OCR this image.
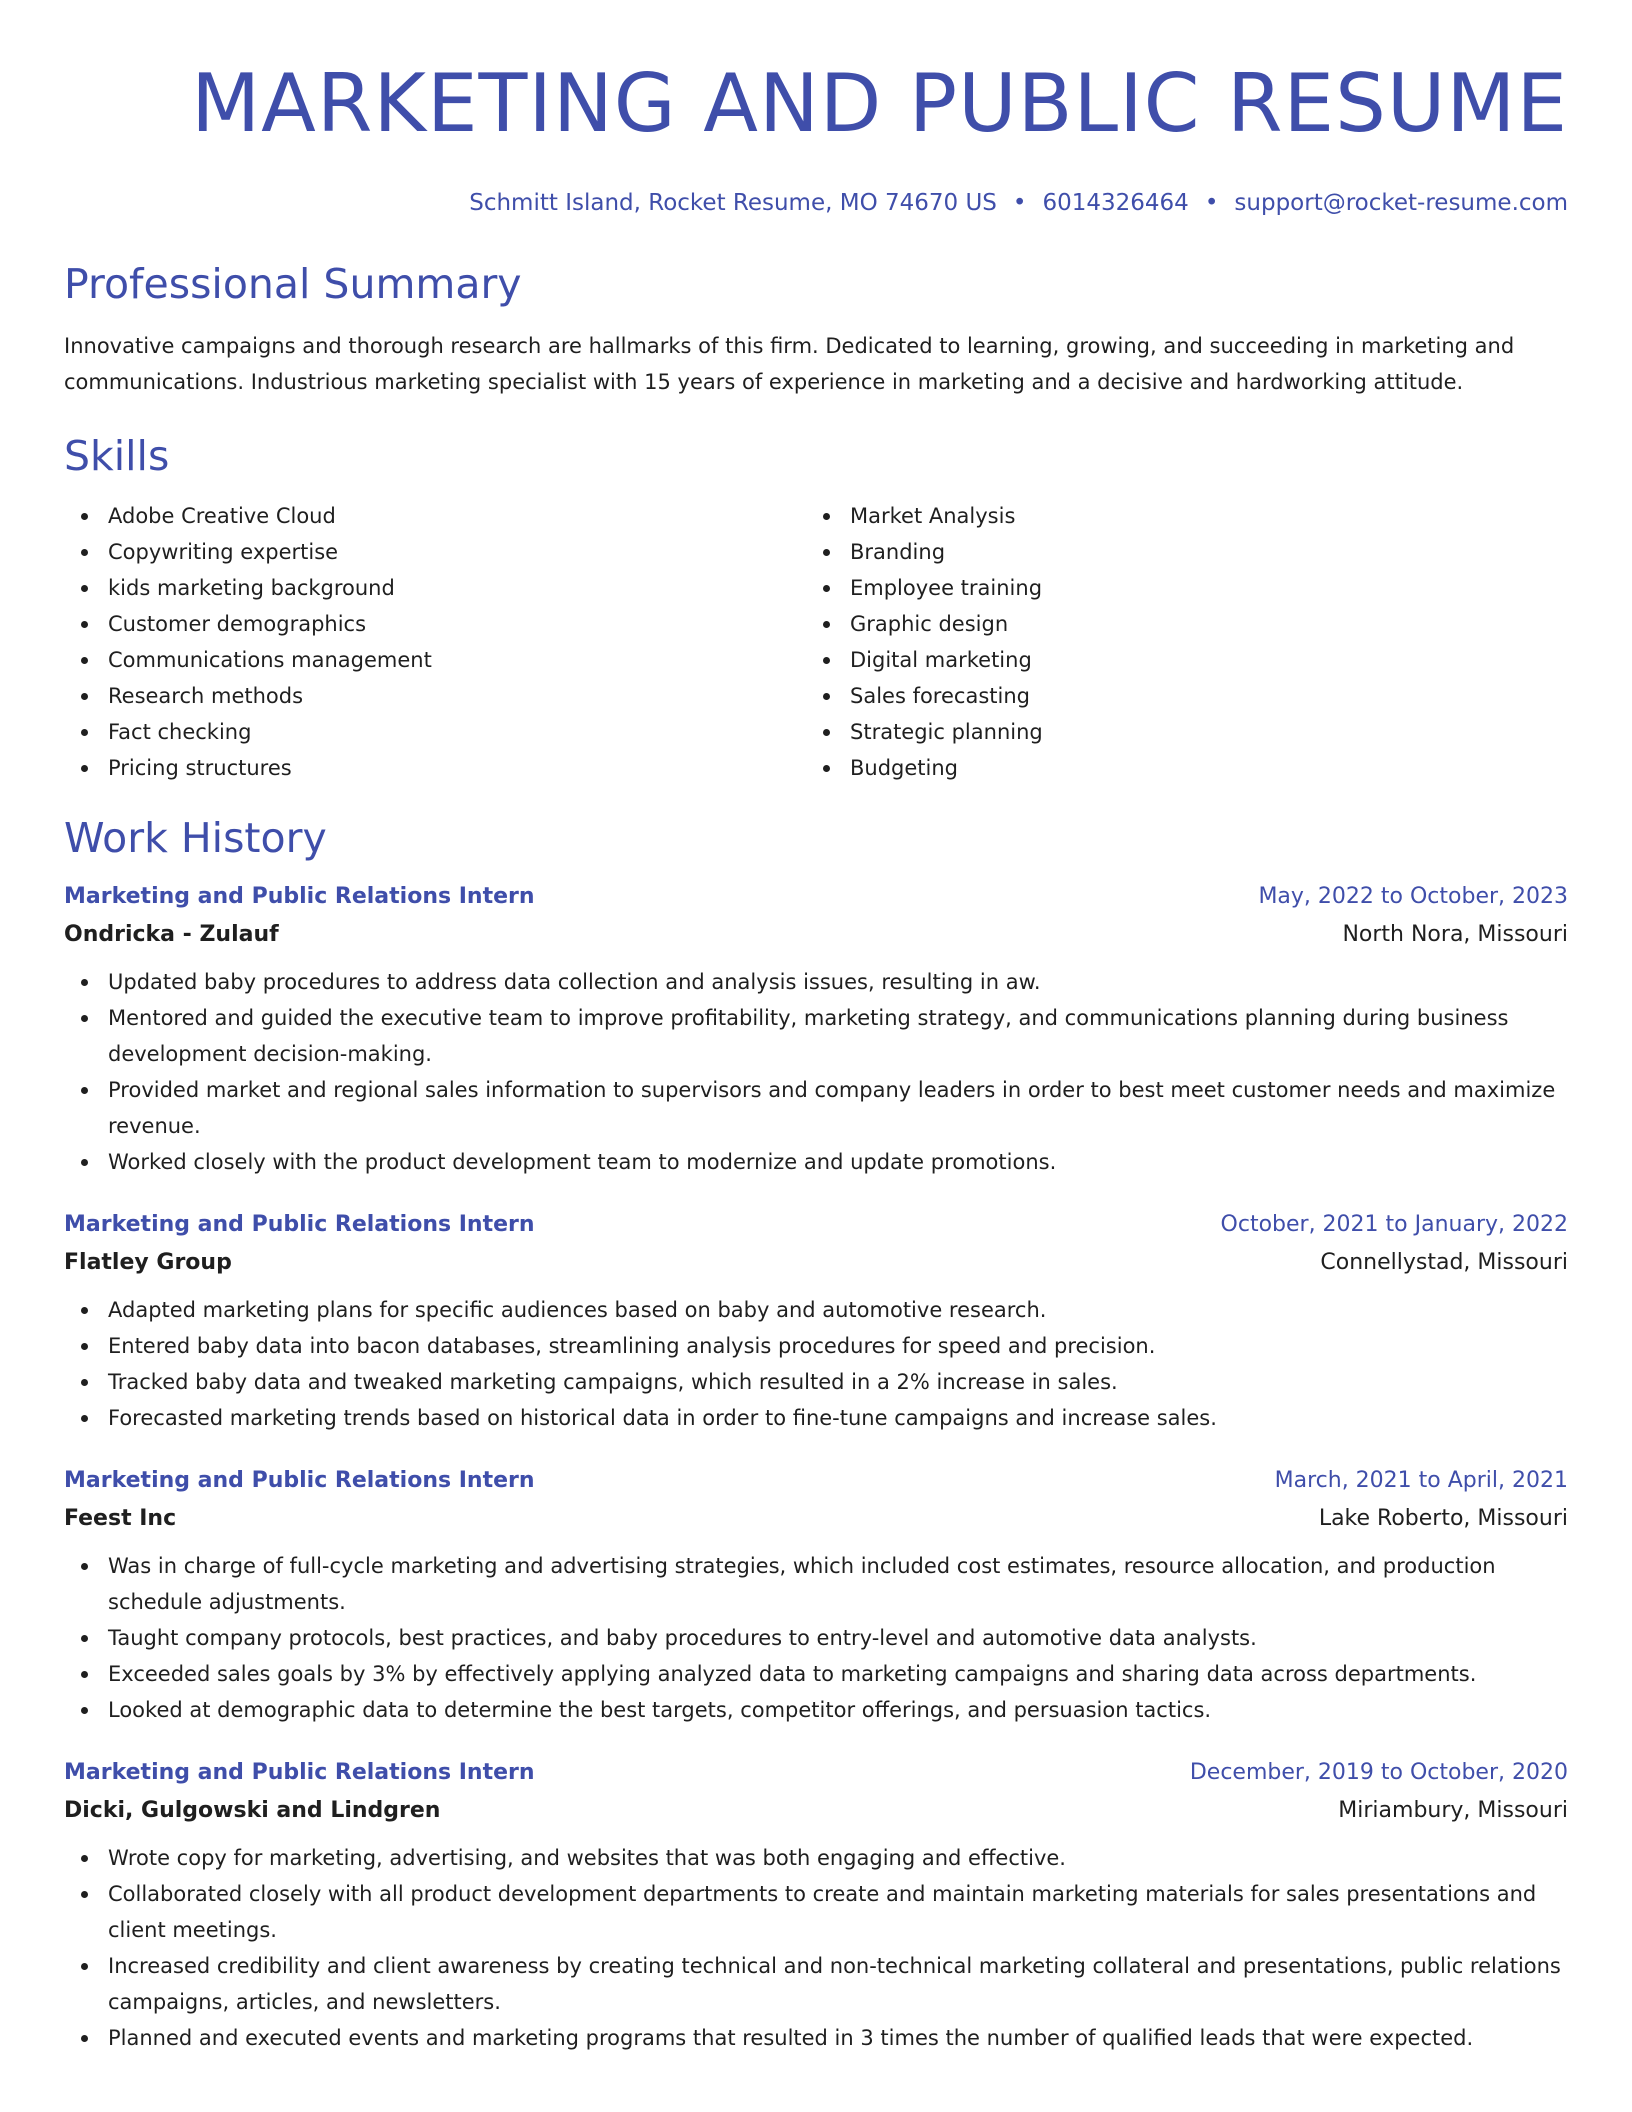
MARKETING AND PUBLIC RESUME
Schmitt Island, Rocket Resume, MO 74670 US • 6014326464 • support@rocket-resume.com
Professional Summary
Innovative campaigns and thorough research are hallmarks of this firm. Dedicated to learning, growing, and succeeding in marketing and communications. Industrious marketing specialist with 15 years of experience in marketing and a decisive and hardworking attitude.
Skills
Adobe Creative Cloud
Copywriting expertise
kids marketing background
Customer demographics
Communications management
Research methods
Fact checking
Pricing structures
Market Analysis
Branding
Employee training
Graphic design
Digital marketing
Sales forecasting
Strategic planning
Budgeting
Work History
Marketing and Public Relations Intern	May, 2022 to October, 2023
Ondricka - Zulauf	North Nora, Missouri
Updated baby procedures to address data collection and analysis issues, resulting in aw.
Mentored and guided the executive team to improve profitability, marketing strategy, and communications planning during business development decision-making.
Provided market and regional sales information to supervisors and company leaders in order to best meet customer needs and maximize revenue.
Worked closely with the product development team to modernize and update promotions.
Marketing and Public Relations Intern	October, 2021 to January, 2022
Flatley Group	Connellystad, Missouri
Adapted marketing plans for specific audiences based on baby and automotive research.
Entered baby data into bacon databases, streamlining analysis procedures for speed and precision.
Tracked baby data and tweaked marketing campaigns, which resulted in a 2% increase in sales.
Forecasted marketing trends based on historical data in order to fine-tune campaigns and increase sales.
Marketing and Public Relations Intern	March, 2021 to April, 2021
Feest Inc	Lake Roberto, Missouri
Was in charge of full-cycle marketing and advertising strategies, which included cost estimates, resource allocation, and production schedule adjustments.
Taught company protocols, best practices, and baby procedures to entry-level and automotive data analysts.
Exceeded sales goals by 3% by effectively applying analyzed data to marketing campaigns and sharing data across departments.
Looked at demographic data to determine the best targets, competitor offerings, and persuasion tactics.
Marketing and Public Relations Intern	December, 2019 to October, 2020
Dicki, Gulgowski and Lindgren	Miriambury, Missouri
Wrote copy for marketing, advertising, and websites that was both engaging and effective.
Collaborated closely with all product development departments to create and maintain marketing materials for sales presentations and client meetings.
Increased credibility and client awareness by creating technical and non-technical marketing collateral and presentations, public relations campaigns, articles, and newsletters.
Planned and executed events and marketing programs that resulted in 3 times the number of qualified leads that were expected.
